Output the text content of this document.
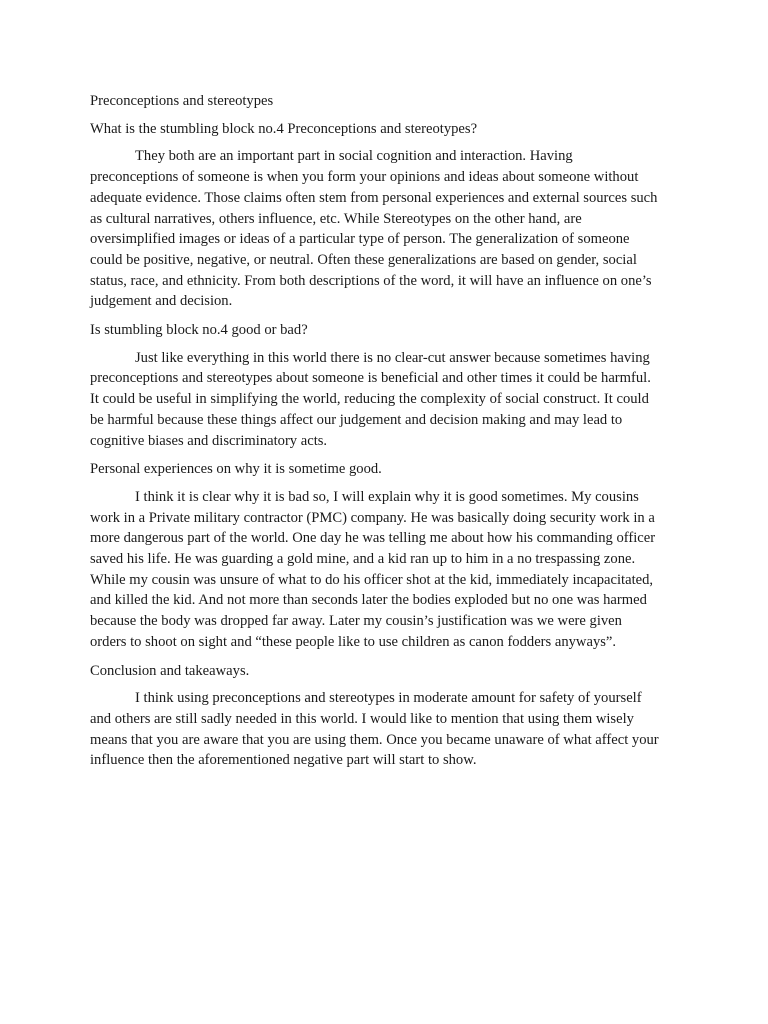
Preconceptions and stereotypes
What is the stumbling block no.4 Preconceptions and stereotypes?
They both are an important part in social cognition and interaction. Having
preconceptions of someone is when you form your opinions and ideas about someone without
adequate evidence. Those claims often stem from personal experiences and external sources such
as cultural narratives, others influence, etc. While Stereotypes on the other hand, are
oversimplified images or ideas of a particular type of person. The generalization of someone
could be positive, negative, or neutral. Often these generalizations are based on gender, social
status, race, and ethnicity. From both descriptions of the word, it will have an influence on one’s
judgement and decision.
Is stumbling block no.4 good or bad?
Just like everything in this world there is no clear-cut answer because sometimes having
preconceptions and stereotypes about someone is beneficial and other times it could be harmful.
It could be useful in simplifying the world, reducing the complexity of social construct. It could
be harmful because these things affect our judgement and decision making and may lead to
cognitive biases and discriminatory acts.
Personal experiences on why it is sometime good.
I think it is clear why it is bad so, I will explain why it is good sometimes. My cousins
work in a Private military contractor (PMC) company. He was basically doing security work in a
more dangerous part of the world. One day he was telling me about how his commanding officer
saved his life. He was guarding a gold mine, and a kid ran up to him in a no trespassing zone.
While my cousin was unsure of what to do his officer shot at the kid, immediately incapacitated,
and killed the kid. And not more than seconds later the bodies exploded but no one was harmed
because the body was dropped far away. Later my cousin’s justification was we were given
orders to shoot on sight and “these people like to use children as canon fodders anyways”.
Conclusion and takeaways.
I think using preconceptions and stereotypes in moderate amount for safety of yourself
and others are still sadly needed in this world. I would like to mention that using them wisely
means that you are aware that you are using them. Once you became unaware of what affect your
influence then the aforementioned negative part will start to show.
